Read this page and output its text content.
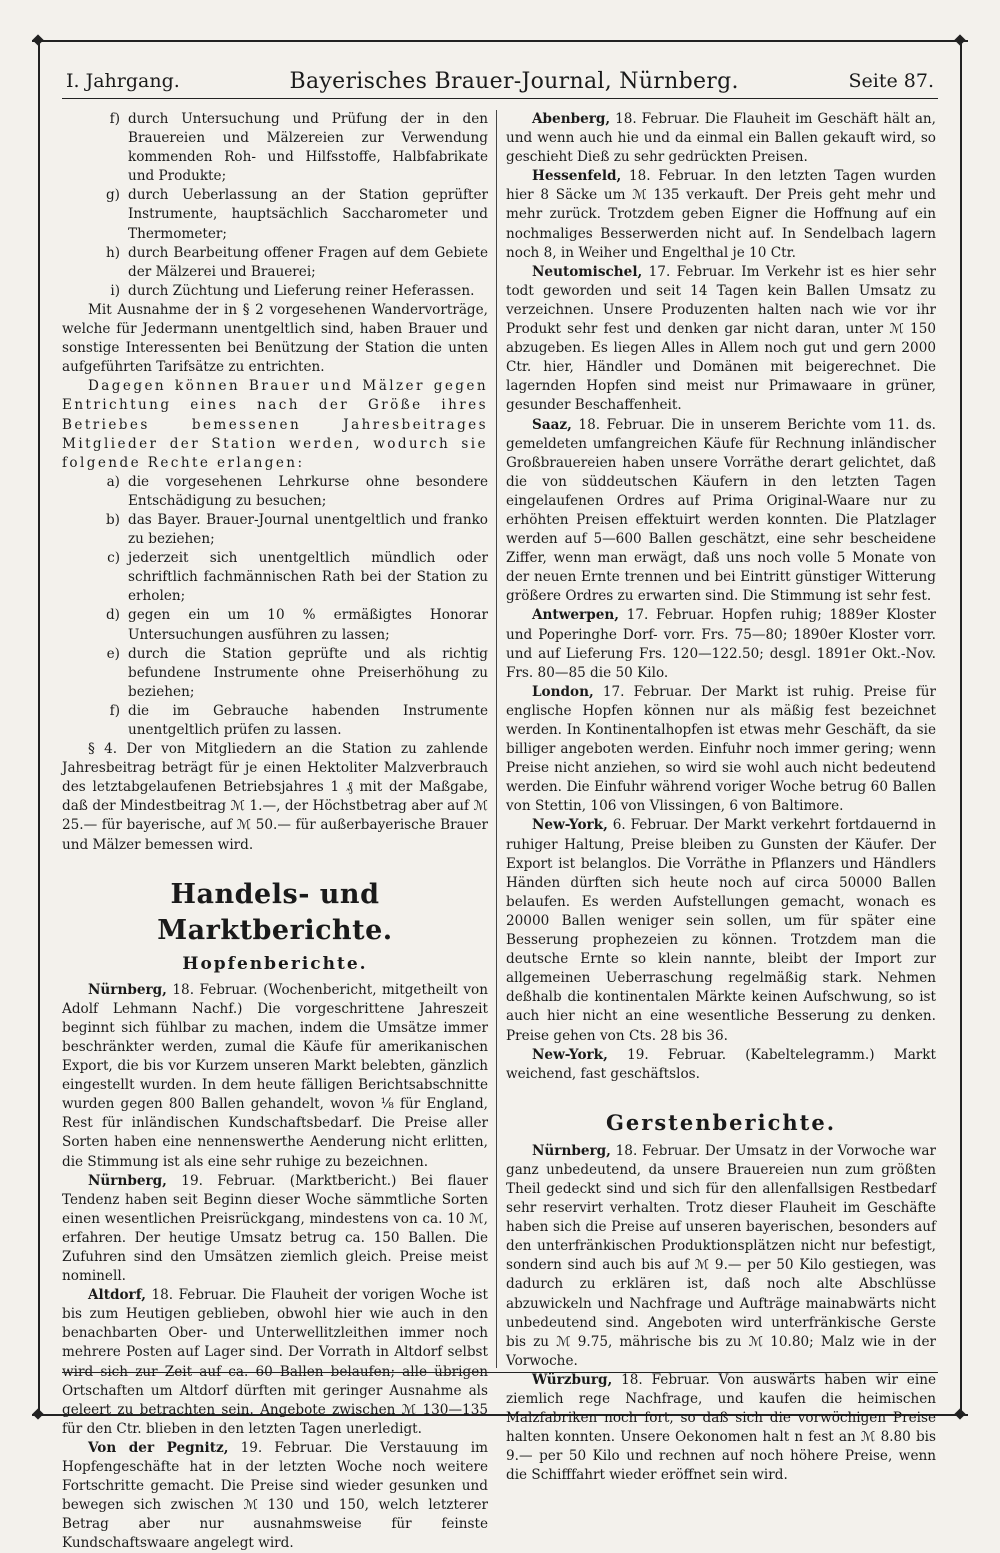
I. Jahrgang.	Bayerisches Brauer-Journal, Nürnberg.	Seite 87.
f) durch Untersuchung und Prüfung der in den Brauereien und Mälzereien zur Verwendung kommenden Roh- und Hilfsstoffe, Halbfabrikate und Produkte;
g) durch Ueberlassung an der Station geprüfter Instrumente, hauptsächlich Saccharometer und Thermometer;
h) durch Bearbeitung offener Fragen auf dem Gebiete der Mälzerei und Brauerei;
i) durch Züchtung und Lieferung reiner Heferassen.

Mit Ausnahme der in § 2 vorgesehenen Wandervorträge, welche für Jedermann unentgeltlich sind, haben Brauer und sonstige Interessenten bei Benützung der Station die unten aufgeführten Tarifsätze zu entrichten.

Dagegen können Brauer und Mälzer gegen Entrichtung eines nach der Größe ihres Betriebes bemessenen Jahresbeitrages Mitglieder der Station werden, wodurch sie folgende Rechte erlangen:

a) die vorgesehenen Lehrkurse ohne besondere Entschädigung zu besuchen;
b) das Bayer. Brauer-Journal unentgeltlich und franko zu beziehen;
c) jederzeit sich unentgeltlich mündlich oder schriftlich fachmännischen Rath bei der Station zu erholen;
d) gegen ein um 10 % ermäßigtes Honorar Untersuchungen ausführen zu lassen;
e) durch die Station geprüfte und als richtig befundene Instrumente ohne Preiserhöhung zu beziehen;
f) die im Gebrauche habenden Instrumente unentgeltlich prüfen zu lassen.

§ 4. Der von Mitgliedern an die Station zu zahlende Jahresbeitrag beträgt für je einen Hektoliter Malzverbrauch des letztabgelaufenen Betriebsjahres 1 ₰ mit der Maßgabe, daß der Mindestbeitrag ℳ 1.—, der Höchstbetrag aber auf ℳ 25.— für bayerische, auf ℳ 50.— für außerbayerische Brauer und Mälzer bemessen wird.

Handels- und Marktberichte.
Hopfenberichte.

Nürnberg, 18. Februar. (Wochenbericht, mitgetheilt von Adolf Lehmann Nachf.) Die vorgeschrittene Jahreszeit beginnt sich fühlbar zu machen, indem die Umsätze immer beschränkter werden, zumal die Käufe für amerikanischen Export, die bis vor Kurzem unseren Markt belebten, gänzlich eingestellt wurden. In dem heute fälligen Berichtsabschnitte wurden gegen 800 Ballen gehandelt, wovon ⅛ für England, Rest für inländischen Kundschaftsbedarf. Die Preise aller Sorten haben eine nennenswerthe Aenderung nicht erlitten, die Stimmung ist als eine sehr ruhige zu bezeichnen.

Nürnberg, 19. Februar. (Marktbericht.) Bei flauer Tendenz haben seit Beginn dieser Woche sämmtliche Sorten einen wesentlichen Preisrückgang, mindestens von ca. 10 ℳ, erfahren. Der heutige Umsatz betrug ca. 150 Ballen. Die Zufuhren sind den Umsätzen ziemlich gleich. Preise meist nominell.

Altdorf, 18. Februar. Die Flauheit der vorigen Woche ist bis zum Heutigen geblieben, obwohl hier wie auch in den benachbarten Ober- und Unterwellitzleithen immer noch mehrere Posten auf Lager sind. Der Vorrath in Altdorf selbst wird sich zur Zeit auf ca. 60 Ballen belaufen; alle übrigen Ortschaften um Altdorf dürften mit geringer Ausnahme als geleert zu betrachten sein. Angebote zwischen ℳ 130—135 für den Ctr. blieben in den letzten Tagen unerledigt.

Von der Pegnitz, 19. Februar. Die Verstauung im Hopfengeschäfte hat in der letzten Woche noch weitere Fortschritte gemacht. Die Preise sind wieder gesunken und bewegen sich zwischen ℳ 130 und 150, welch letzterer Betrag aber nur ausnahmsweise für feinste Kundschaftswaare angelegt wird.

Abenberg, 18. Februar. Die Flauheit im Geschäft hält an, und wenn auch hie und da einmal ein Ballen gekauft wird, so geschieht Dieß zu sehr gedrückten Preisen.

Hessenfeld, 18. Februar. In den letzten Tagen wurden hier 8 Säcke um ℳ 135 verkauft. Der Preis geht mehr und mehr zurück. Trotzdem geben Eigner die Hoffnung auf ein nochmaliges Besserwerden nicht auf. In Sendelbach lagern noch 8, in Weiher und Engelthal je 10 Ctr.

Neutomischel, 17. Februar. Im Verkehr ist es hier sehr todt geworden und seit 14 Tagen kein Ballen Umsatz zu verzeichnen. Unsere Produzenten halten nach wie vor ihr Produkt sehr fest und denken gar nicht daran, unter ℳ 150 abzugeben. Es liegen Alles in Allem noch gut und gern 2000 Ctr. hier, Händler und Domänen mit beigerechnet. Die lagernden Hopfen sind meist nur Primawaare in grüner, gesunder Beschaffenheit.

Saaz, 18. Februar. Die in unserem Berichte vom 11. ds. gemeldeten umfangreichen Käufe für Rechnung inländischer Großbrauereien haben unsere Vorräthe derart gelichtet, daß die von süddeutschen Käufern in den letzten Tagen eingelaufenen Ordres auf Prima Original-Waare nur zu erhöhten Preisen effektuirt werden konnten. Die Platzlager werden auf 5—600 Ballen geschätzt, eine sehr bescheidene Ziffer, wenn man erwägt, daß uns noch volle 5 Monate von der neuen Ernte trennen und bei Eintritt günstiger Witterung größere Ordres zu erwarten sind. Die Stimmung ist sehr fest.

Antwerpen, 17. Februar. Hopfen ruhig; 1889er Kloster und Poperinghe Dorf- vorr. Frs. 75—80; 1890er Kloster vorr. und auf Lieferung Frs. 120—122.50; desgl. 1891er Okt.-Nov. Frs. 80—85 die 50 Kilo.

London, 17. Februar. Der Markt ist ruhig. Preise für englische Hopfen können nur als mäßig fest bezeichnet werden. In Kontinentalhopfen ist etwas mehr Geschäft, da sie billiger angeboten werden. Einfuhr noch immer gering; wenn Preise nicht anziehen, so wird sie wohl auch nicht bedeutend werden. Die Einfuhr während voriger Woche betrug 60 Ballen von Stettin, 106 von Vlissingen, 6 von Baltimore.

New-York, 6. Februar. Der Markt verkehrt fortdauernd in ruhiger Haltung, Preise bleiben zu Gunsten der Käufer. Der Export ist belanglos. Die Vorräthe in Pflanzers und Händlers Händen dürften sich heute noch auf circa 50000 Ballen belaufen. Es werden Aufstellungen gemacht, wonach es 20000 Ballen weniger sein sollen, um für später eine Besserung prophezeien zu können. Trotzdem man die deutsche Ernte so klein nannte, bleibt der Import zur allgemeinen Ueberraschung regelmäßig stark. Nehmen deßhalb die kontinentalen Märkte keinen Aufschwung, so ist auch hier nicht an eine wesentliche Besserung zu denken. Preise gehen von Cts. 28 bis 36.

New-York, 19. Februar. (Kabeltelegramm.) Markt weichend, fast geschäftslos.

Gerstenberichte.

Nürnberg, 18. Februar. Der Umsatz in der Vorwoche war ganz unbedeutend, da unsere Brauereien nun zum größten Theil gedeckt sind und sich für den allenfallsigen Restbedarf sehr reservirt verhalten. Trotz dieser Flauheit im Geschäfte haben sich die Preise auf unseren bayerischen, besonders auf den unterfränkischen Produktionsplätzen nicht nur befestigt, sondern sind auch bis auf ℳ 9.— per 50 Kilo gestiegen, was dadurch zu erklären ist, daß noch alte Abschlüsse abzuwickeln und Nachfrage und Aufträge mainabwärts nicht unbedeutend sind. Angeboten wird unterfränkische Gerste bis zu ℳ 9.75, mährische bis zu ℳ 10.80; Malz wie in der Vorwoche.

Würzburg, 18. Februar. Von auswärts haben wir eine ziemlich rege Nachfrage, und kaufen die heimischen Malzfabriken noch fort, so daß sich die vorwöchigen Preise halten konnten. Unsere Oekonomen halt n fest an ℳ 8.80 bis 9.— per 50 Kilo und rechnen auf noch höhere Preise, wenn die Schifffahrt wieder eröffnet sein wird.
